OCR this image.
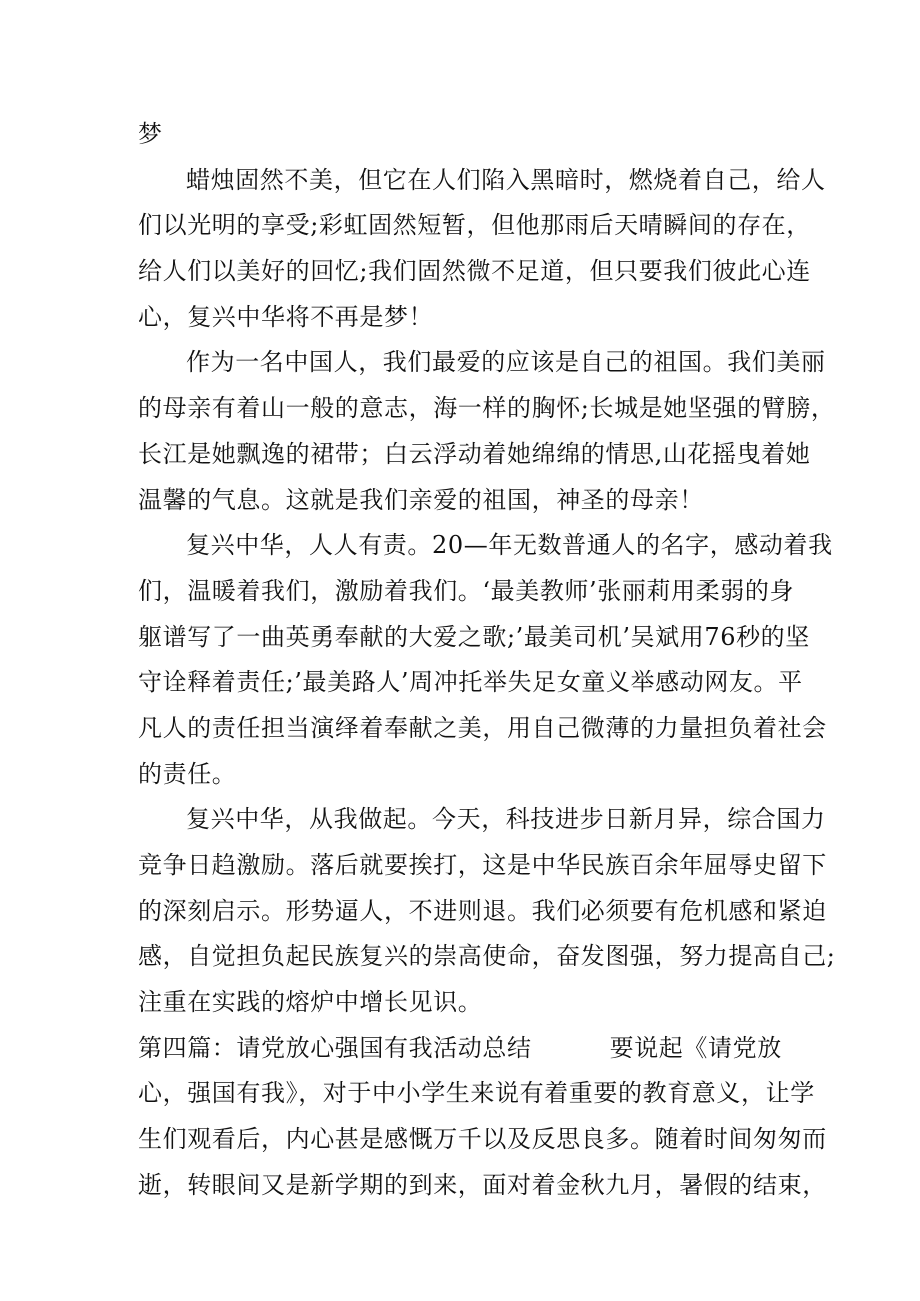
梦
蜡烛固然不美，但它在人们陷入黑暗时，燃烧着自己，给人
们以光明的享受;彩虹固然短暂，但他那雨后天晴瞬间的存在，
给人们以美好的回忆;我们固然微不足道，但只要我们彼此心连
心，复兴中华将不再是梦！
作为一名中国人，我们最爱的应该是自己的祖国。我们美丽
的母亲有着山一般的意志，海一样的胸怀;长城是她坚强的臂膀，
长江是她飘逸的裙带；白云浮动着她绵绵的情思,山花摇曳着她
温馨的气息。这就是我们亲爱的祖国，神圣的母亲！
复兴中华，人人有责。20—年无数普通人的名字，感动着我
们，温暖着我们，激励着我们。‘最美教师’张丽莉用柔弱的身
躯谱写了一曲英勇奉献的大爱之歌;’最美司机’吴斌用76秒的坚
守诠释着责任;’最美路人’周冲托举失足女童义举感动网友。平
凡人的责任担当演绎着奉献之美，用自己微薄的力量担负着社会
的责任。
复兴中华，从我做起。今天，科技进步日新月异，综合国力
竞争日趋激励。落后就要挨打，这是中华民族百余年屈辱史留下
的深刻启示。形势逼人，不进则退。我们必须要有危机感和紧迫
感，自觉担负起民族复兴的崇高使命，奋发图强，努力提高自己;
注重在实践的熔炉中增长见识。
第四篇：请党放心强国有我活动总结	要说起《请党放
心，强国有我》，对于中小学生来说有着重要的教育意义，让学
生们观看后，内心甚是感慨万千以及反思良多。随着时间匆匆而
逝，转眼间又是新学期的到来，面对着金秋九月，暑假的结束，
